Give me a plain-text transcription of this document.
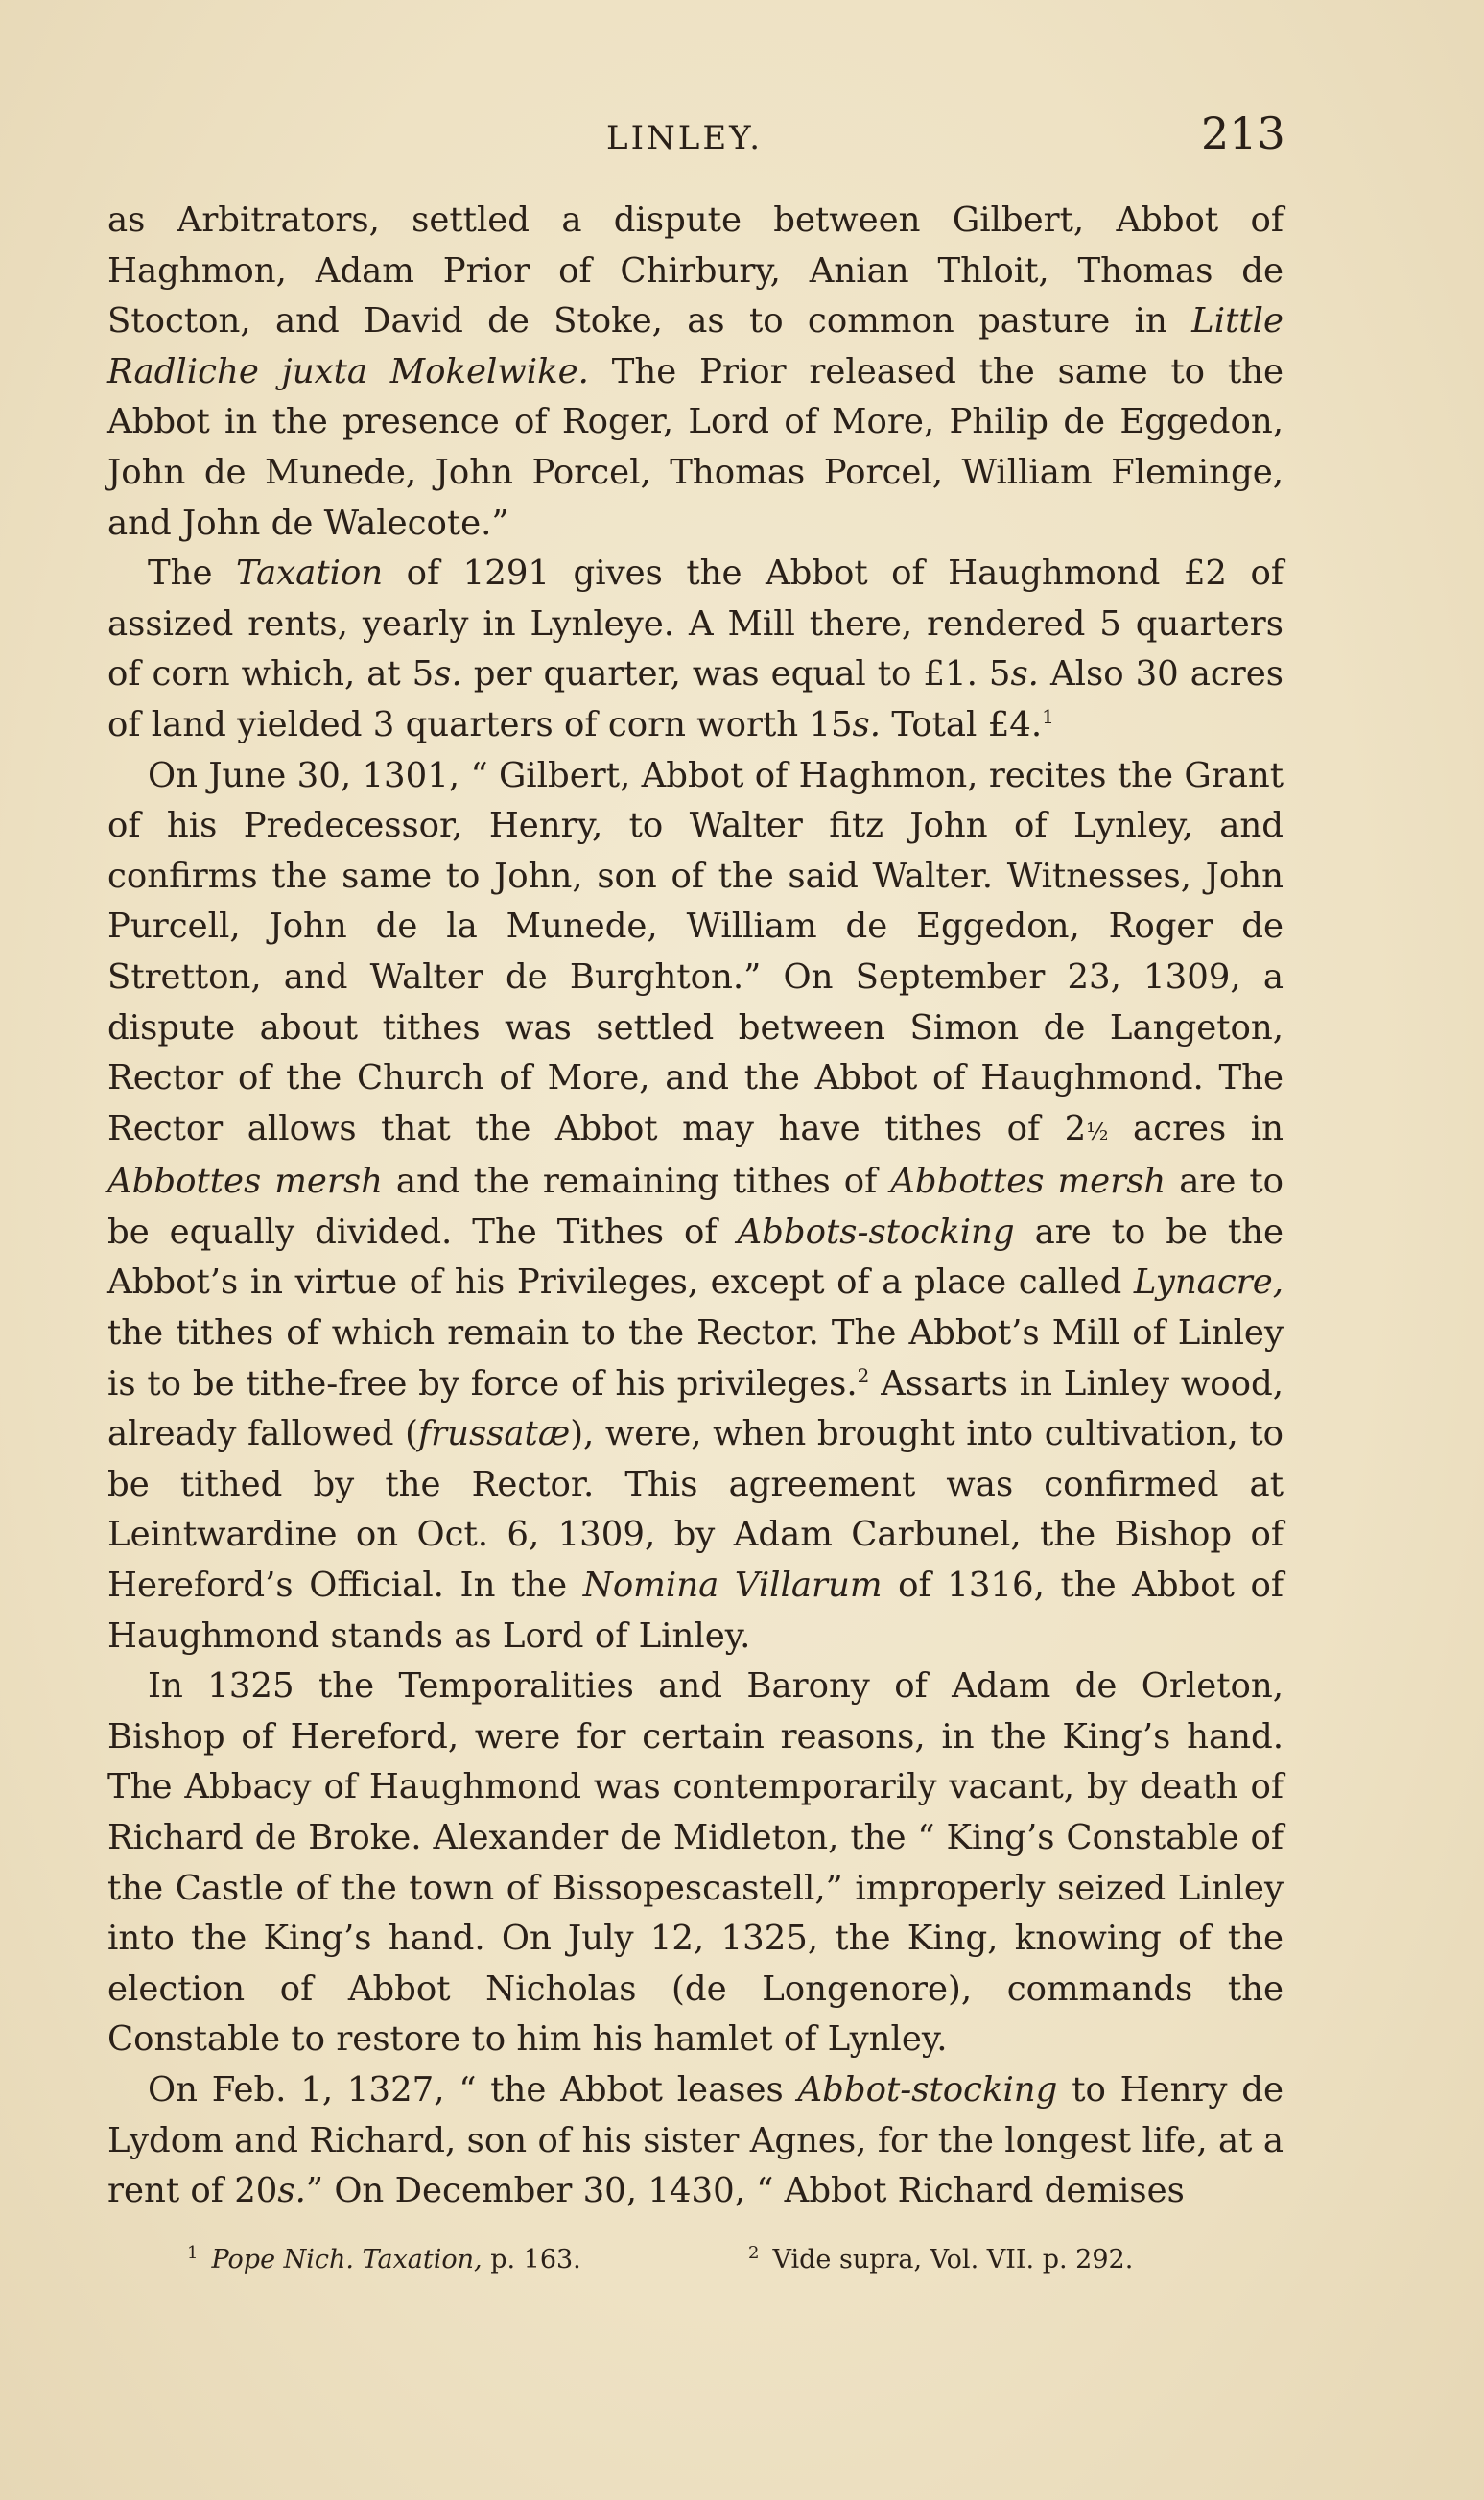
LINLEY.	213

as Arbitrators, settled a dispute between Gilbert, Abbot of Haghmon, Adam Prior of Chirbury, Anian Thloit, Thomas de Stocton, and David de Stoke, as to common pasture in Little Radliche juxta Mokelwike. The Prior released the same to the Abbot in the presence of Roger, Lord of More, Philip de Eggedon, John de Munede, John Porcel, Thomas Porcel, William Fleminge, and John de Walecote.”

The Taxation of 1291 gives the Abbot of Haughmond £2 of assized rents, yearly in Lynleye. A Mill there, rendered 5 quarters of corn which, at 5s. per quarter, was equal to £1. 5s. Also 30 acres of land yielded 3 quarters of corn worth 15s. Total £4.$^1$

On June 30, 1301, “ Gilbert, Abbot of Haghmon, recites the Grant of his Predecessor, Henry, to Walter fitz John of Lynley, and confirms the same to John, son of the said Walter. Witnesses, John Purcell, John de la Munede, William de Eggedon, Roger de Stretton, and Walter de Burghton.” On September 23, 1309, a dispute about tithes was settled between Simon de Langeton, Rector of the Church of More, and the Abbot of Haughmond. The Rector allows that the Abbot may have tithes of 2½ acres in Abbottes mersh and the remaining tithes of Abbottes mersh are to be equally divided. The Tithes of Abbots-stocking are to be the Abbot’s in virtue of his Privileges, except of a place called Lynacre, the tithes of which remain to the Rector. The Abbot’s Mill of Linley is to be tithe-free by force of his privileges.$^2$ Assarts in Linley wood, already fallowed (frussatæ), were, when brought into cultivation, to be tithed by the Rector. This agreement was confirmed at Leintwardine on Oct. 6, 1309, by Adam Carbunel, the Bishop of Hereford’s Official. In the Nomina Villarum of 1316, the Abbot of Haughmond stands as Lord of Linley.

In 1325 the Temporalities and Barony of Adam de Orleton, Bishop of Hereford, were for certain reasons, in the King’s hand. The Abbacy of Haughmond was contemporarily vacant, by death of Richard de Broke. Alexander de Midleton, the “ King’s Constable of the Castle of the town of Bissopescastell,” improperly seized Linley into the King’s hand. On July 12, 1325, the King, knowing of the election of Abbot Nicholas (de Longenore), commands the Constable to restore to him his hamlet of Lynley.

On Feb. 1, 1327, “ the Abbot leases Abbot-stocking to Henry de Lydom and Richard, son of his sister Agnes, for the longest life, at a rent of 20s.” On December 30, 1430, “ Abbot Richard demises

$^1$ Pope Nich. Taxation, p. 163.	$^2$ Vide supra, Vol. VII. p. 292.
